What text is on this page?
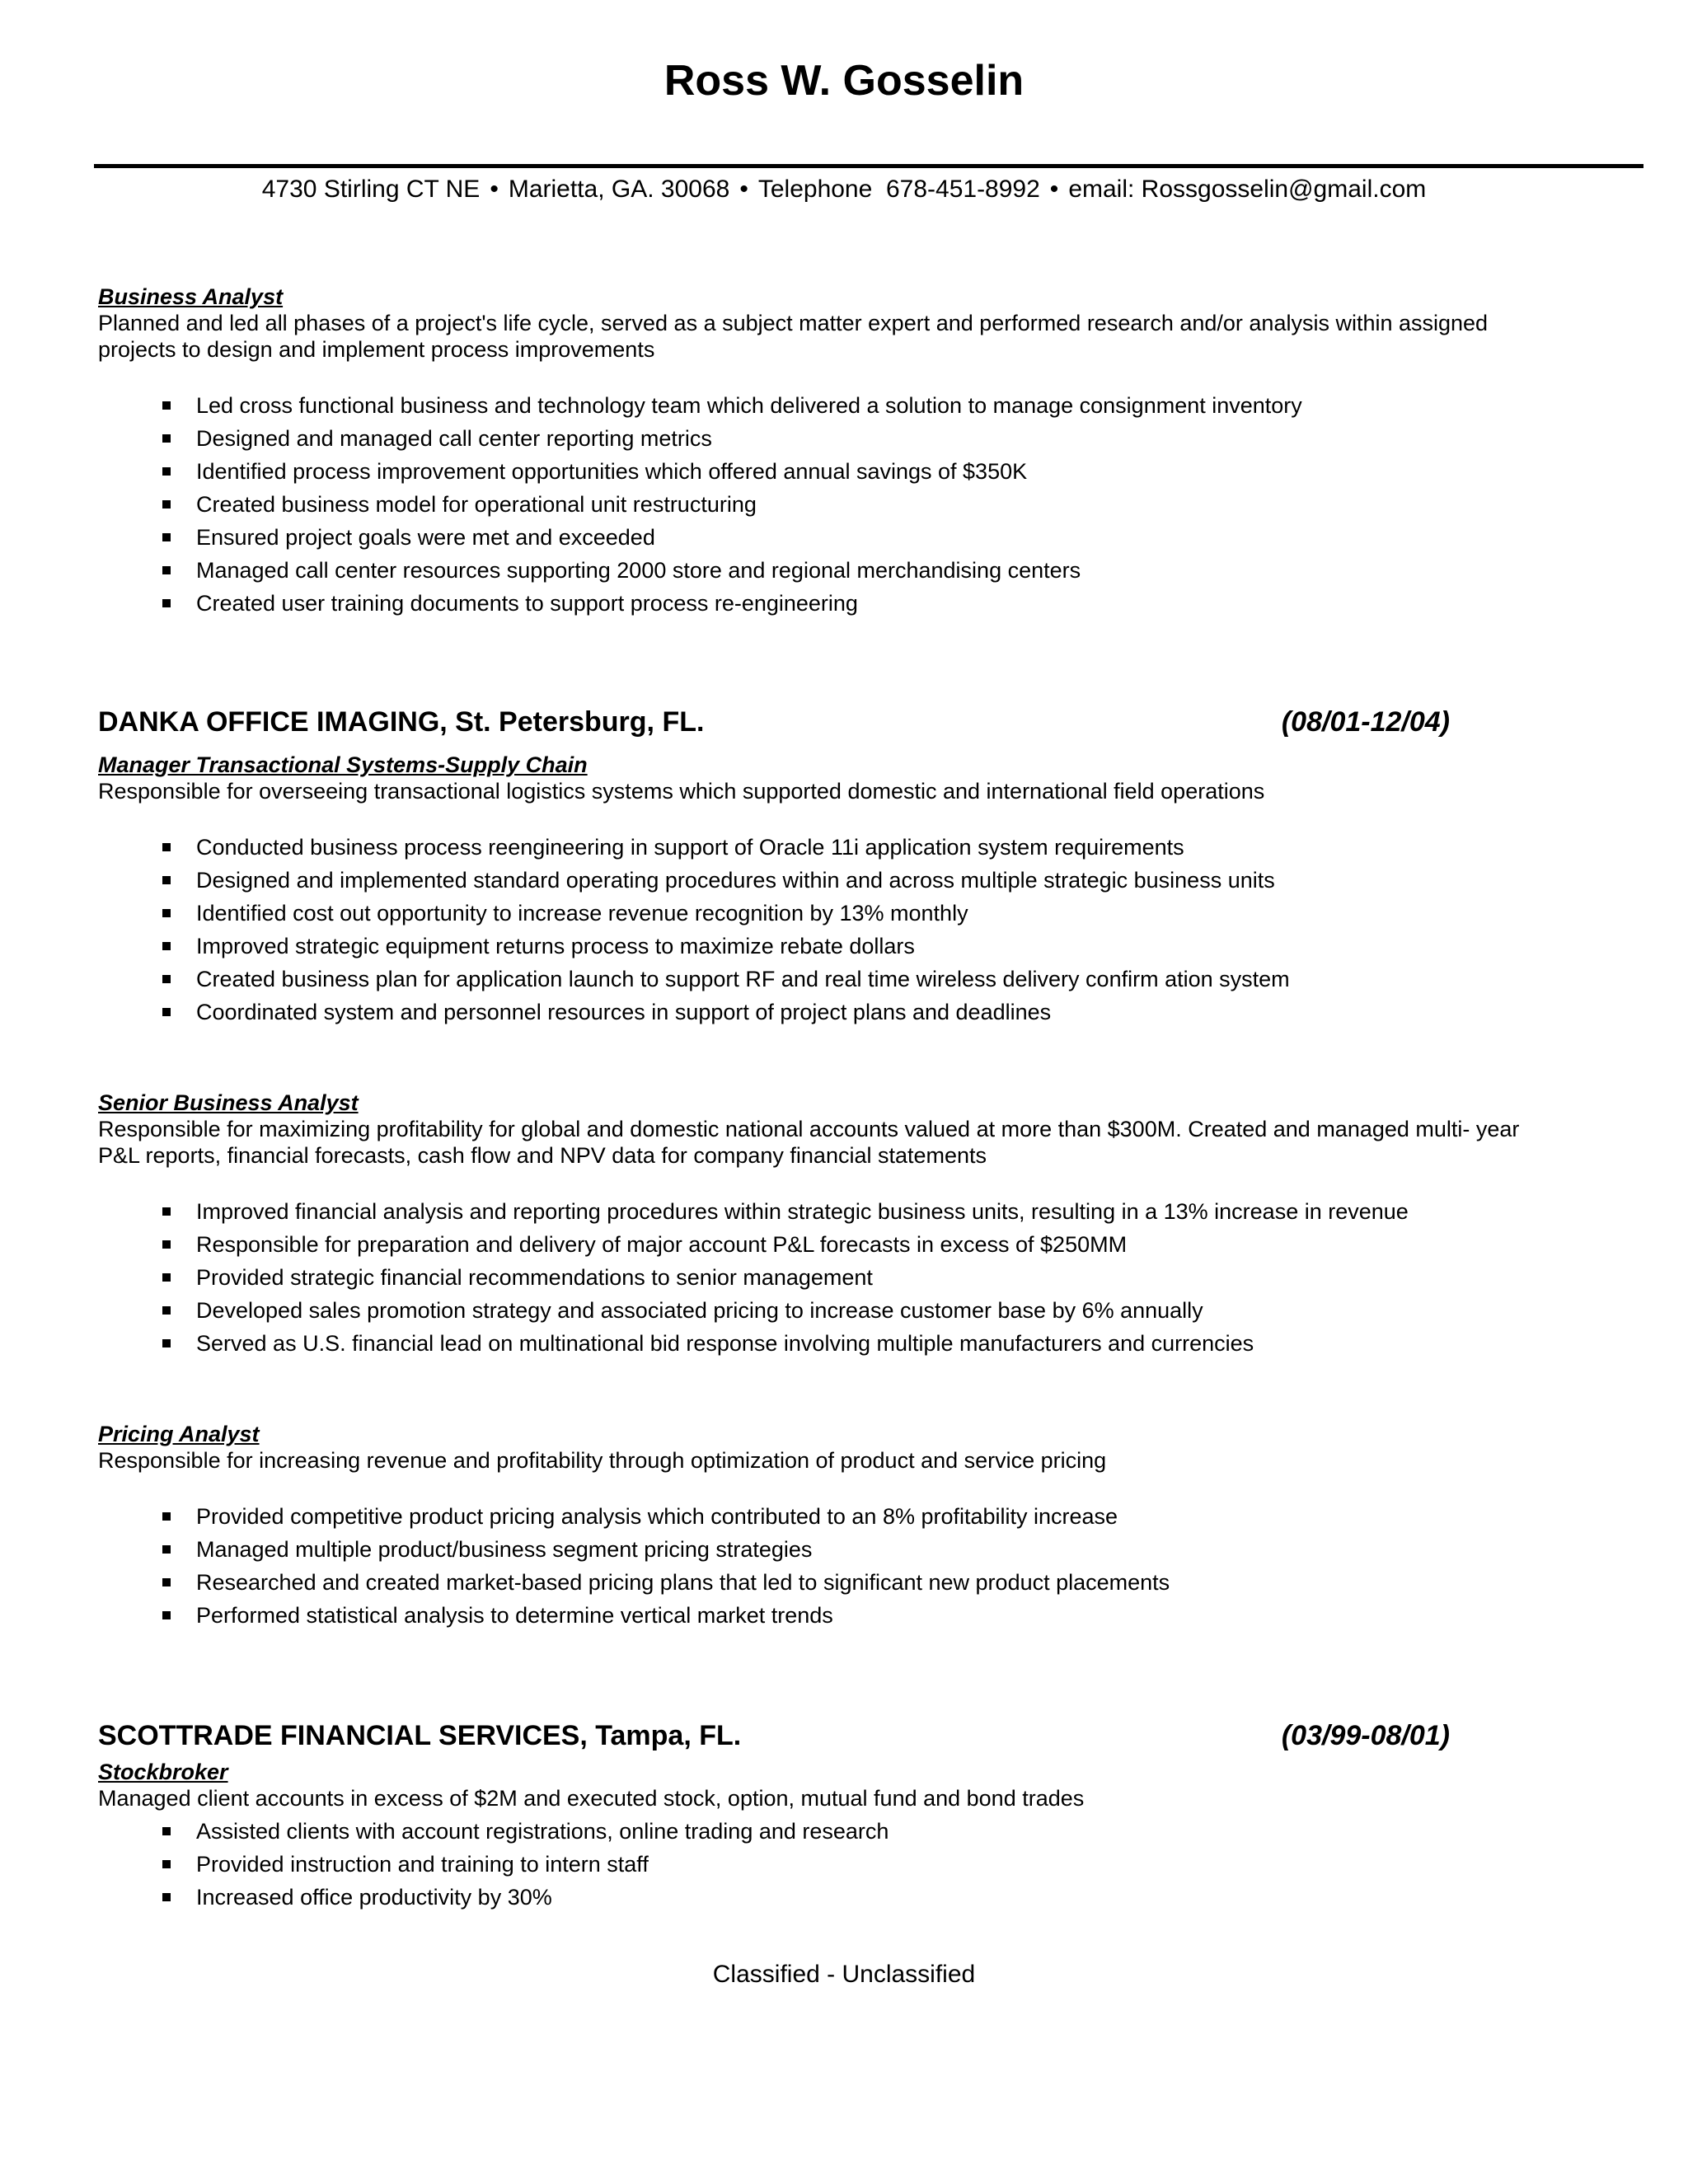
Ross W. Gosselin
4730 Stirling CT NE • Marietta, GA. 30068 • Telephone  678-451-8992 • email: Rossgosselin@gmail.com

Business Analyst

Planned and led all phases of a project's life cycle, served as a subject matter expert and performed research and/or analysis within assigned projects to design and implement process improvements

Led cross functional business and technology team which delivered a solution to manage consignment inventory
Designed and managed call center reporting metrics
Identified process improvement opportunities which offered annual savings of $350K
Created business model for operational unit restructuring
Ensured project goals were met and exceeded
Managed call center resources supporting 2000 store and regional merchandising centers
Created user training documents to support process re-engineering
DANKA OFFICE IMAGING, St. Petersburg, FL.	(08/01-12/04)

Manager Transactional Systems-Supply Chain

Responsible for overseeing transactional logistics systems which supported domestic and international field operations

Conducted business process reengineering in support of Oracle 11i application system requirements
Designed and implemented standard operating procedures within and across multiple strategic business units
Identified cost out opportunity to increase revenue recognition by 13% monthly
Improved strategic equipment returns process to maximize rebate dollars
Created business plan for application launch to support RF and real time wireless delivery confirm ation system
Coordinated system and personnel resources in support of project plans and deadlines

Senior Business Analyst

Responsible for maximizing profitability for global and domestic national accounts valued at more than $300M. Created and managed multi- year P&L reports, financial forecasts, cash flow and NPV data for company financial statements

Improved financial analysis and reporting procedures within strategic business units, resulting in a 13% increase in revenue
Responsible for preparation and delivery of major account P&L forecasts in excess of $250MM
Provided strategic financial recommendations to senior management
Developed sales promotion strategy and associated pricing to increase customer base by 6% annually
Served as U.S. financial lead on multinational bid response involving multiple manufacturers and currencies

Pricing Analyst

Responsible for increasing revenue and profitability through optimization of product and service pricing

Provided competitive product pricing analysis which contributed to an 8% profitability increase
Managed multiple product/business segment pricing strategies
Researched and created market-based pricing plans that led to significant new product placements
Performed statistical analysis to determine vertical market trends
SCOTTRADE FINANCIAL SERVICES, Tampa, FL.	(03/99-08/01)

Stockbroker

Managed client accounts in excess of $2M and executed stock, option, mutual fund and bond trades

Assisted clients with account registrations, online trading and research
Provided instruction and training to intern staff
Increased office productivity by 30%
Classified - Unclassified
